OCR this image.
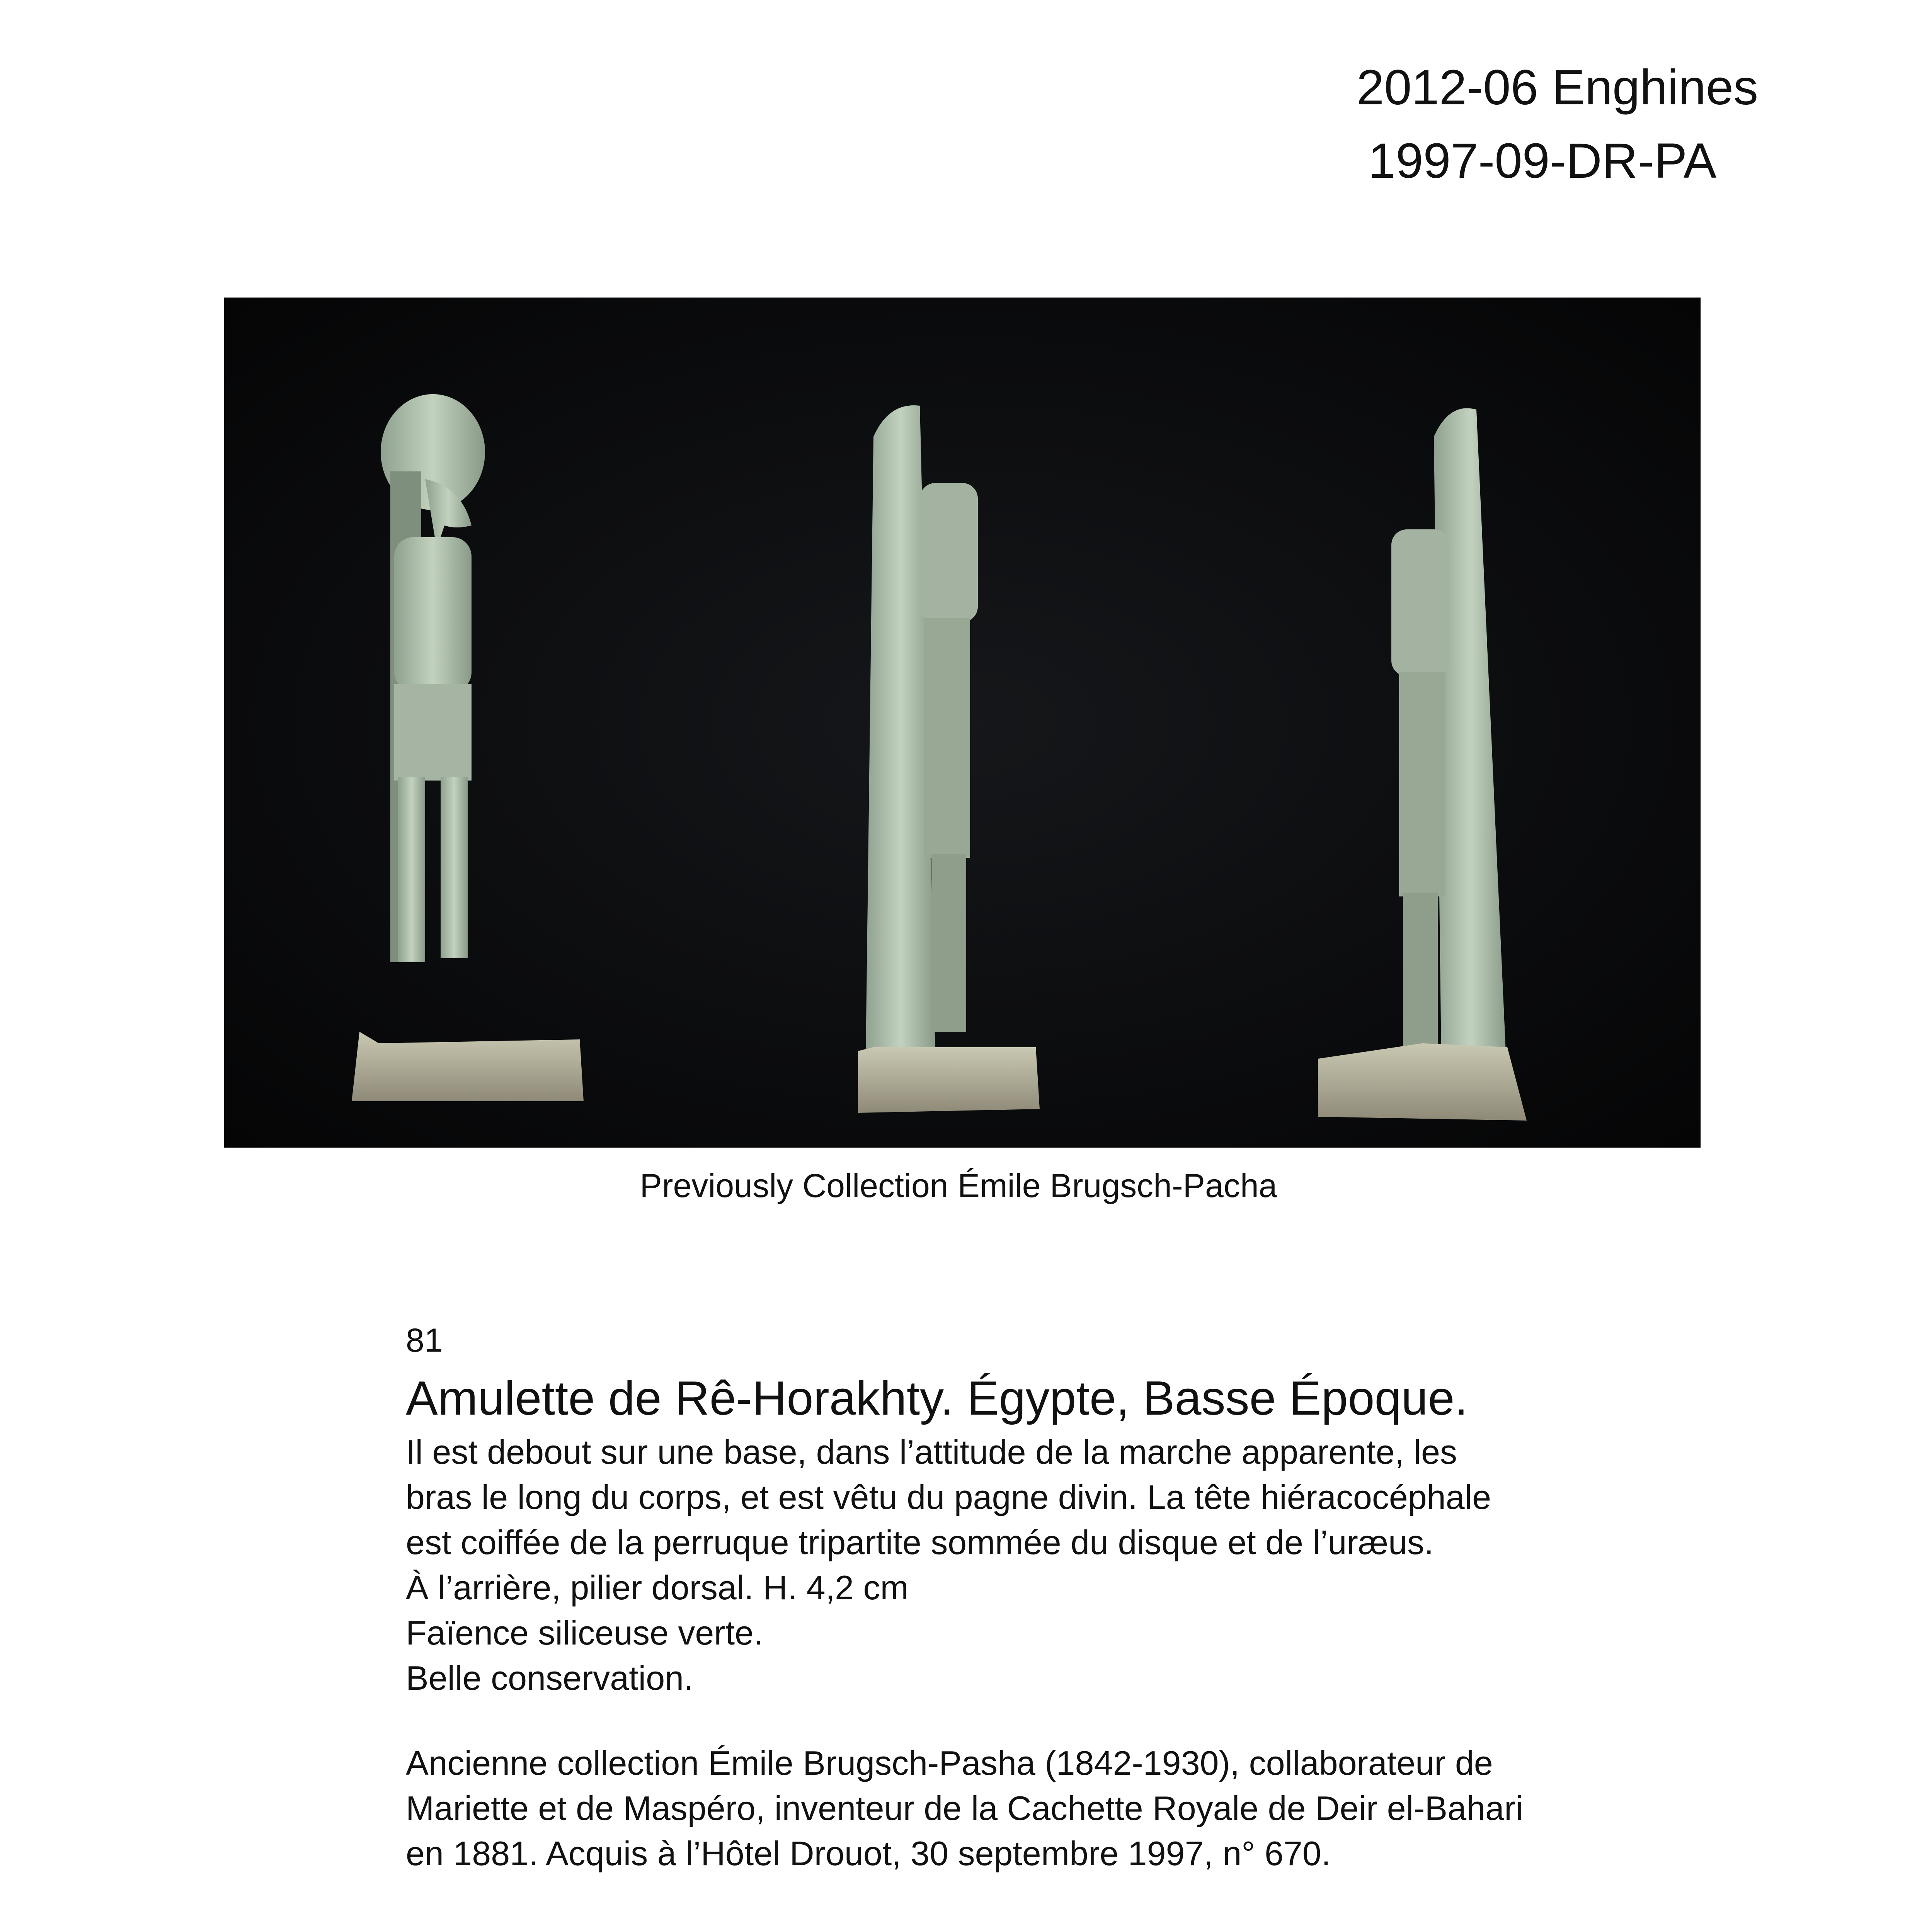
2012-06 Enghines
1997-09-DR-PA
Previously Collection Émile Brugsch-Pacha
81
Amulette de Rê-Horakhty. Égypte, Basse Époque.
Il est debout sur une base, dans l’attitude de la marche apparente, les
bras le long du corps, et est vêtu du pagne divin. La tête hiéracocéphale
est coiffée de la perruque tripartite sommée du disque et de l’uræus.
À l’arrière, pilier dorsal. H. 4,2 cm
Faïence siliceuse verte.
Belle conservation.
Ancienne collection Émile Brugsch-Pasha (1842-1930), collaborateur de
Mariette et de Maspéro, inventeur de la Cachette Royale de Deir el-Bahari
en 1881. Acquis à l’Hôtel Drouot, 30 septembre 1997, n° 670.
